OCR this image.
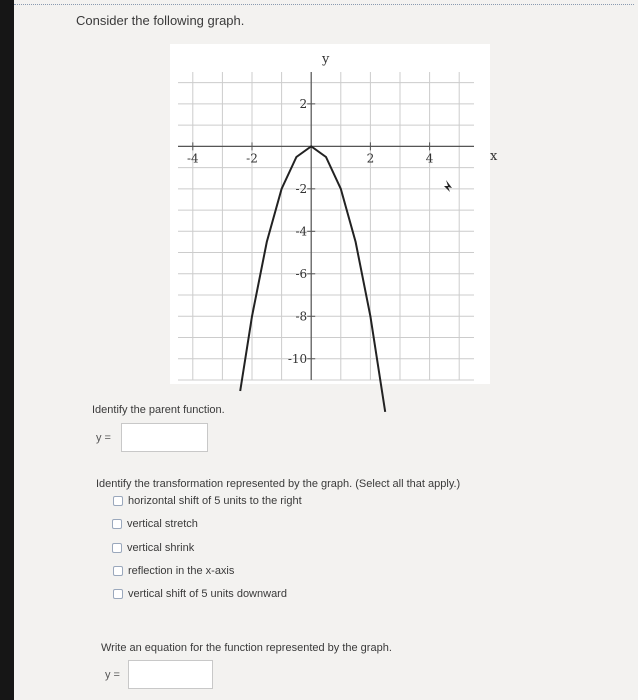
Consider the following graph.
-4	-2	2	4
2
-2
-4
-6
-8
-10
x
y
Identify the parent function.
y =
Identify the transformation represented by the graph. (Select all that apply.)
horizontal shift of 5 units to the right
vertical stretch
vertical shrink
reflection in the x-axis
vertical shift of 5 units downward
Write an equation for the function represented by the graph.
y =
